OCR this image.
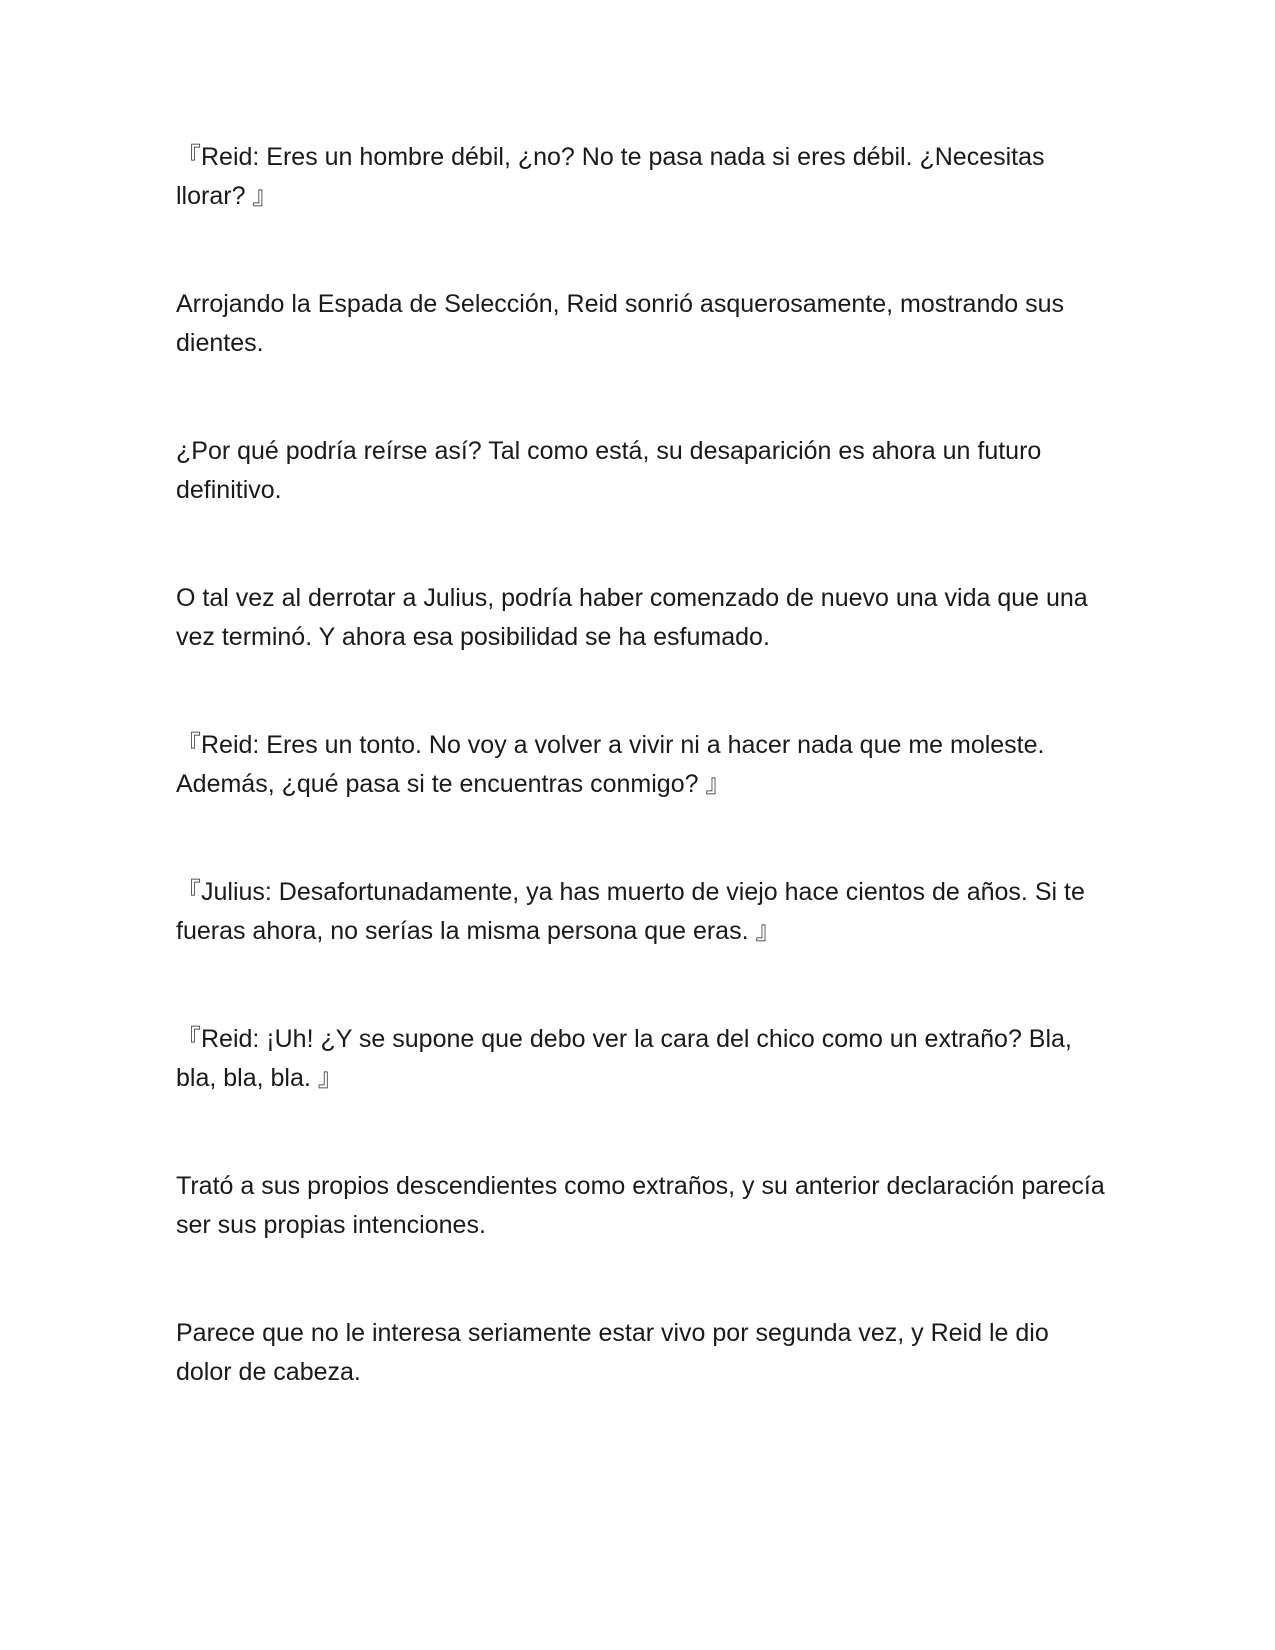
『Reid: Eres un hombre débil, ¿no? No te pasa nada si eres débil. ¿Necesitas llorar? 』

Arrojando la Espada de Selección, Reid sonrió asquerosamente, mostrando sus dientes.

¿Por qué podría reírse así? Tal como está, su desaparición es ahora un futuro definitivo.

O tal vez al derrotar a Julius, podría haber comenzado de nuevo una vida que una vez terminó. Y ahora esa posibilidad se ha esfumado.

『Reid: Eres un tonto. No voy a volver a vivir ni a hacer nada que me moleste. Además, ¿qué pasa si te encuentras conmigo? 』

『Julius: Desafortunadamente, ya has muerto de viejo hace cientos de años. Si te fueras ahora, no serías la misma persona que eras. 』

『Reid: ¡Uh! ¿Y se supone que debo ver la cara del chico como un extraño? Bla, bla, bla, bla. 』

Trató a sus propios descendientes como extraños, y su anterior declaración parecía ser sus propias intenciones.

Parece que no le interesa seriamente estar vivo por segunda vez, y Reid le dio dolor de cabeza.
